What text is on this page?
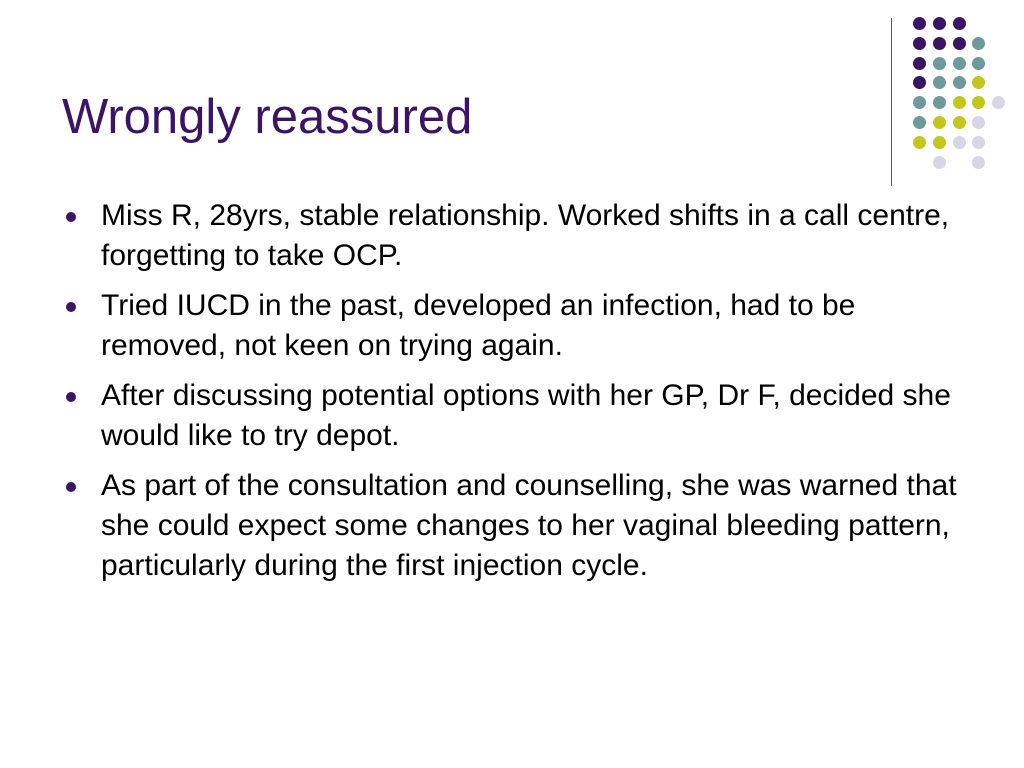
Wrongly reassured
Miss R, 28yrs, stable relationship. Worked shifts in a call centre, forgetting to take OCP.
Tried IUCD in the past, developed an infection, had to be removed, not keen on trying again.
After discussing potential options with her GP, Dr F, decided she would like to try depot.
As part of the consultation and counselling, she was warned that she could expect some changes to her vaginal bleeding pattern, particularly during the first injection cycle.
